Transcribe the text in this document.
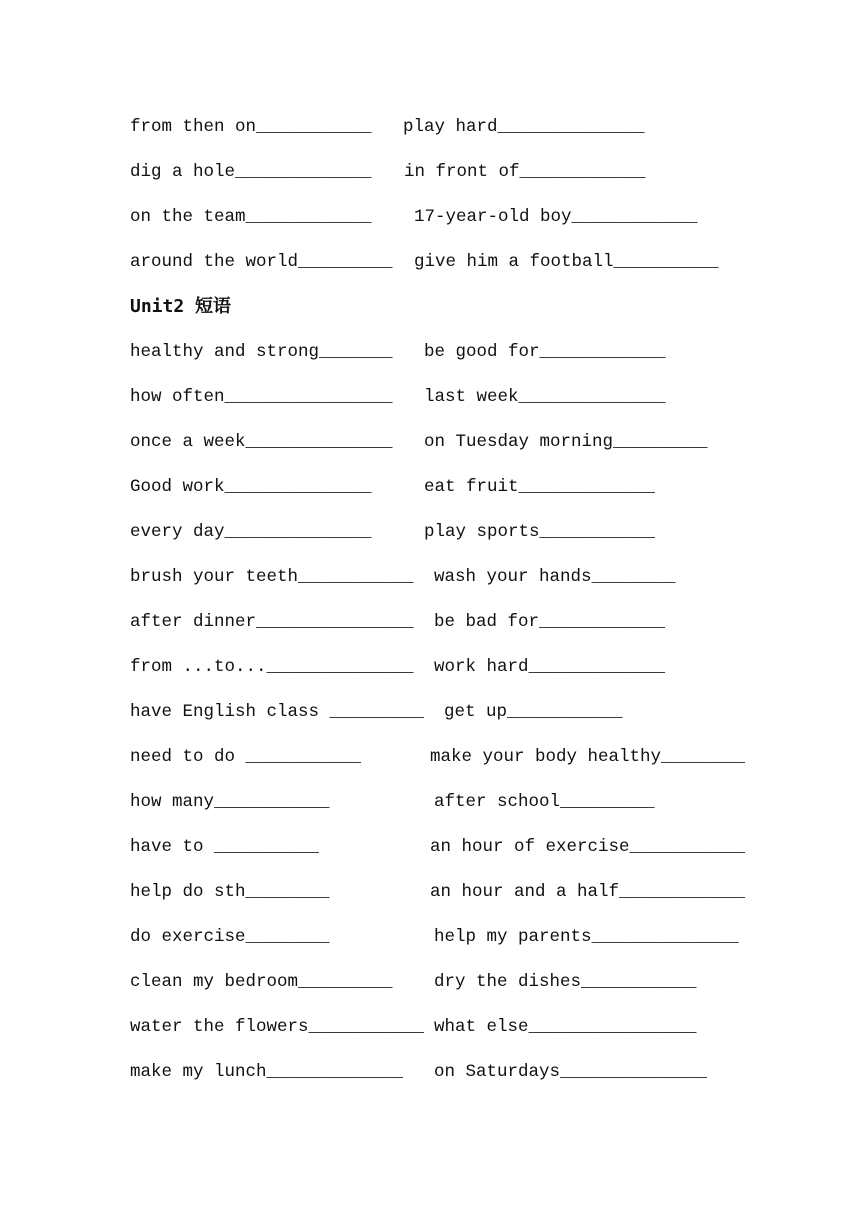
from then on___________ play hard______________
dig a hole_____________ in front of____________
on the team____________ 17-year-old boy____________
around the world_________ give him a football__________
Unit2 短语
healthy and strong_______ be good for____________
how often________________ last week______________
once a week______________ on Tuesday morning_________
Good work______________	eat fruit_____________
every day______________	play sports___________
brush your teeth___________ wash your hands________
after dinner_______________ be bad for____________
from ...to...______________ work hard_____________
have English class _________ get up___________
need to do ___________	make your body healthy________
how many___________	after school_________
have to __________	an hour of exercise___________
help do sth________	an hour and a half____________
do exercise________	help my parents______________
clean my bedroom_________ dry the dishes___________
water the flowers___________ what else________________
make my lunch_____________ on Saturdays______________
